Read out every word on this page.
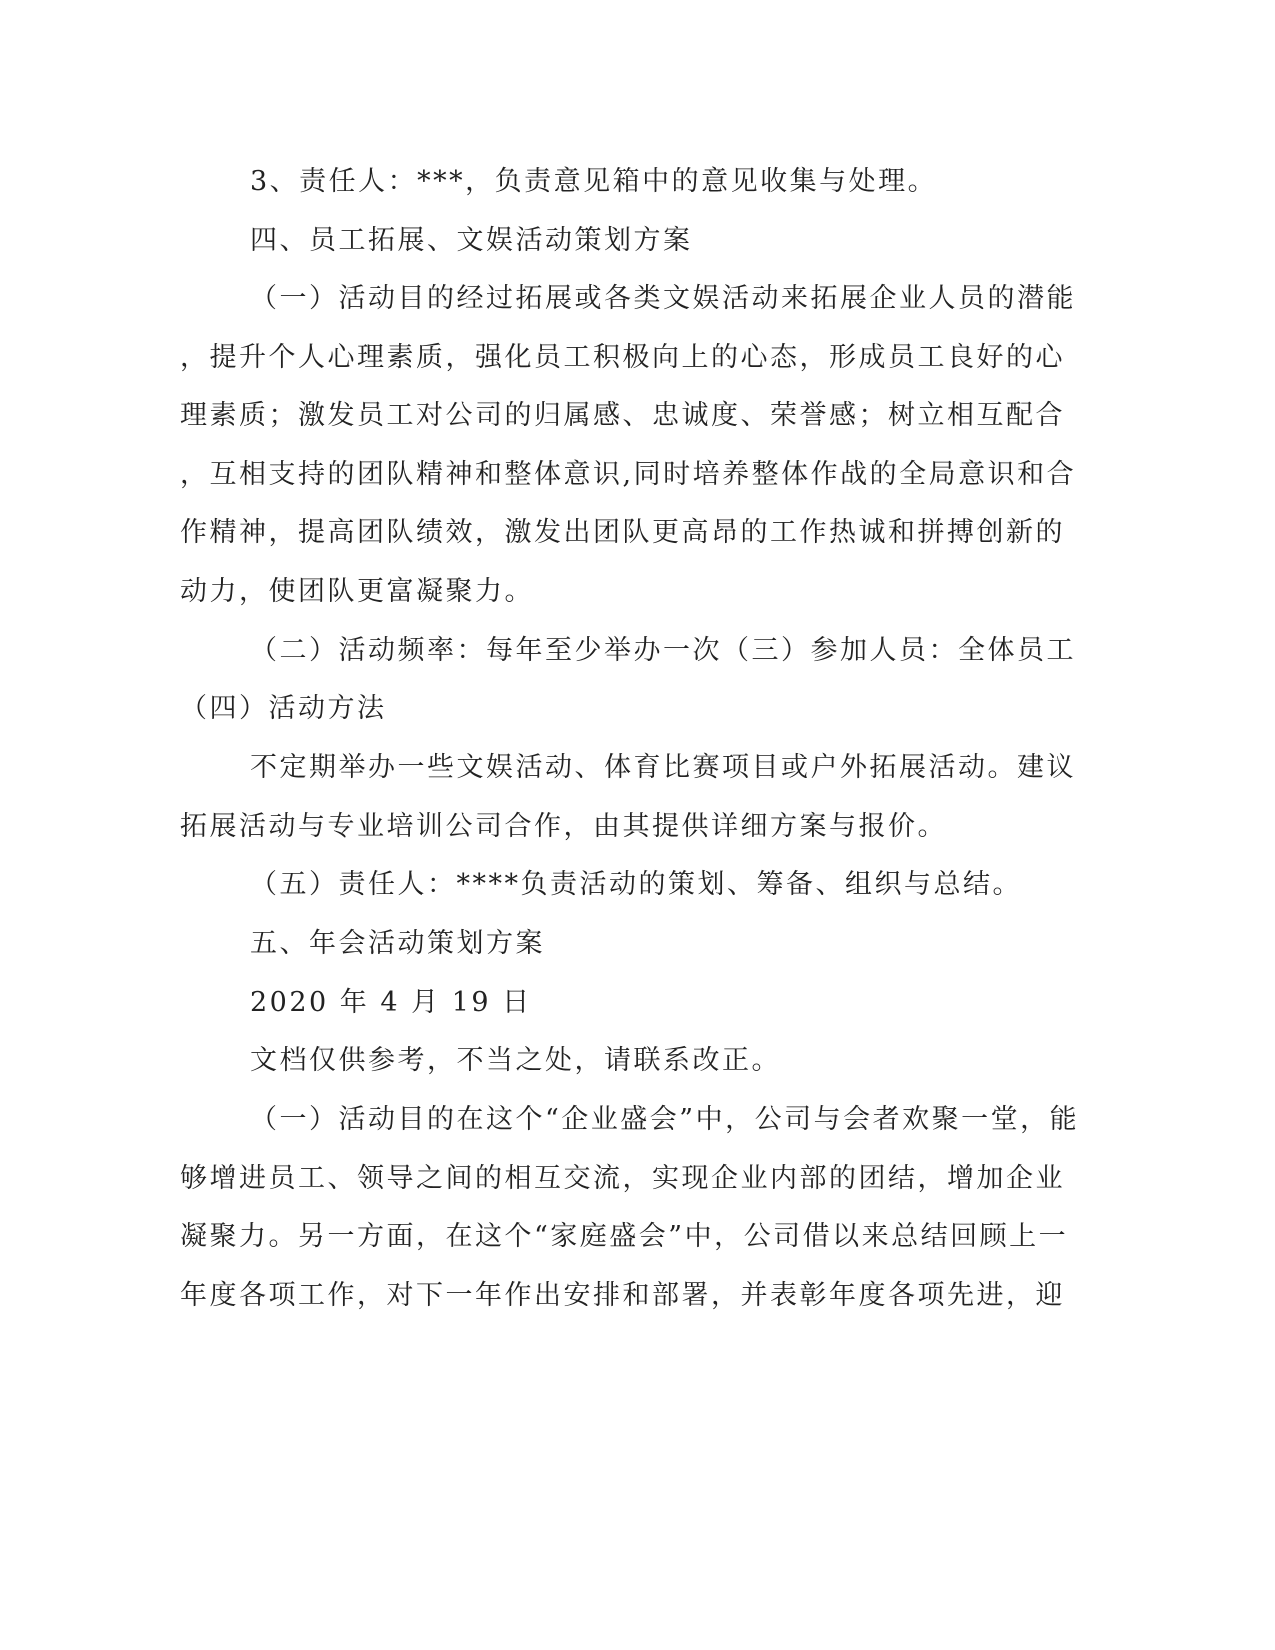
3、责任人：***，负责意见箱中的意见收集与处理。
四、员工拓展、文娱活动策划方案
（一）活动目的经过拓展或各类文娱活动来拓展企业人员的潜能
，提升个人心理素质，强化员工积极向上的心态，形成员工良好的心
理素质；激发员工对公司的归属感、忠诚度、荣誉感；树立相互配合
，互相支持的团队精神和整体意识,同时培养整体作战的全局意识和合
作精神，提高团队绩效，激发出团队更高昂的工作热诚和拼搏创新的
动力，使团队更富凝聚力。
（二）活动频率：每年至少举办一次（三）参加人员：全体员工
（四）活动方法
不定期举办一些文娱活动、体育比赛项目或户外拓展活动。建议
拓展活动与专业培训公司合作，由其提供详细方案与报价。
（五）责任人：****负责活动的策划、筹备、组织与总结。
五、年会活动策划方案
2020 年 4 月 19 日
文档仅供参考，不当之处，请联系改正。
（一）活动目的在这个“企业盛会”中，公司与会者欢聚一堂，能
够增进员工、领导之间的相互交流，实现企业内部的团结，增加企业
凝聚力。另一方面，在这个“家庭盛会”中，公司借以来总结回顾上一
年度各项工作，对下一年作出安排和部署，并表彰年度各项先进，迎
